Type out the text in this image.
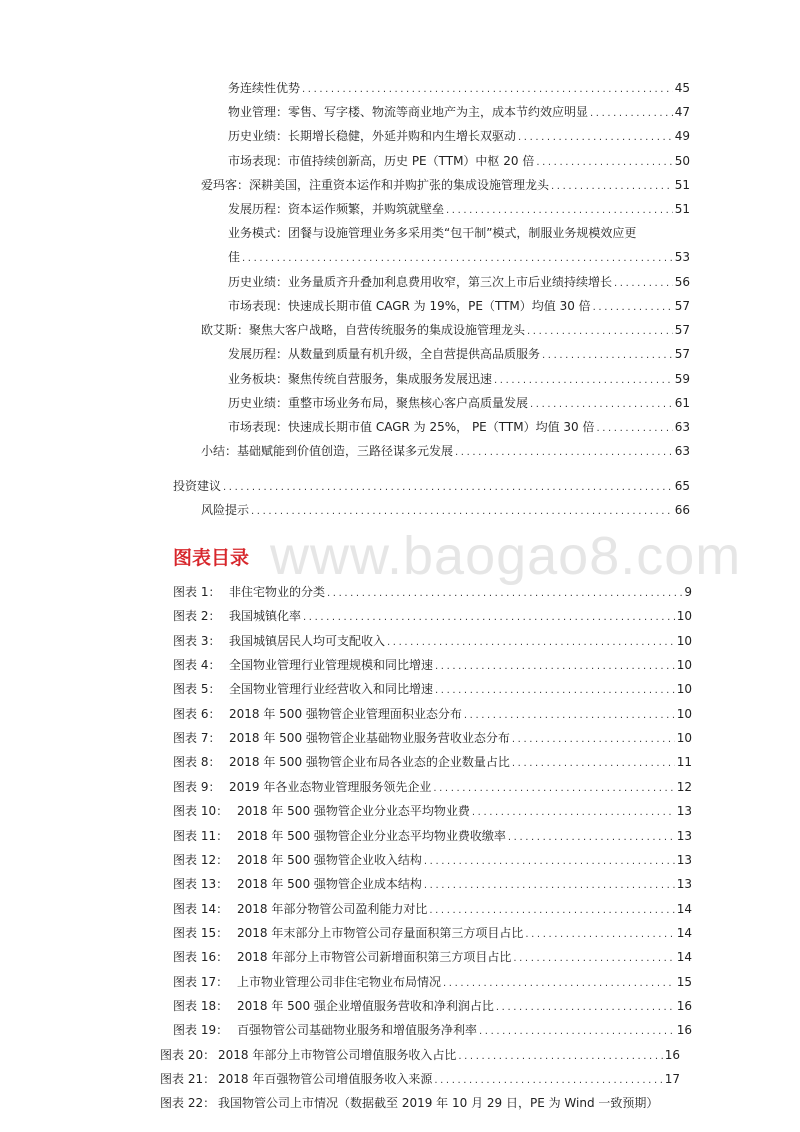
www.baogao8.com
务连续性优势 .....	45
物业管理：零售、写字楼、物流等商业地产为主，成本节约效应明显 .....	47
历史业绩：长期增长稳健，外延并购和内生增长双驱动 .....	49
市场表现：市值持续创新高，历史 PE（TTM）中枢 20 倍 .....	50
爱玛客：深耕美国，注重资本运作和并购扩张的集成设施管理龙头 .....	51
发展历程：资本运作频繁，并购筑就壁垒 .....	51
业务模式：团餐与设施管理业务多采用类“包干制”模式，制服业务规模效应更
佳 .....	53
历史业绩：业务量质齐升叠加利息费用收窄，第三次上市后业绩持续增长 .....	56
市场表现：快速成长期市值 CAGR 为 19%，PE（TTM）均值 30 倍 .....	57
欧艾斯：聚焦大客户战略，自营传统服务的集成设施管理龙头 .....	57
发展历程：从数量到质量有机升级，全自营提供高品质服务 .....	57
业务板块：聚焦传统自营服务，集成服务发展迅速 .....	59
历史业绩：重整市场业务布局，聚焦核心客户高质量发展 .....	61
市场表现：快速成长期市值 CAGR 为 25%， PE（TTM）均值 30 倍 .....	63
小结：基础赋能到价值创造，三路径谋多元发展 .....	63
投资建议 .....	65
风险提示 .....	66
图表目录
图表 1： 非住宅物业的分类 .....	9
图表 2： 我国城镇化率 .....	10
图表 3： 我国城镇居民人均可支配收入 .....	10
图表 4： 全国物业管理行业管理规模和同比增速 .....	10
图表 5： 全国物业管理行业经营收入和同比增速 .....	10
图表 6： 2018 年 500 强物管企业管理面积业态分布 .....	10
图表 7： 2018 年 500 强物管企业基础物业服务营收业态分布 .....	10
图表 8： 2018 年 500 强物管企业布局各业态的企业数量占比 .....	11
图表 9： 2019 年各业态物业管理服务领先企业 .....	12
图表 10： 2018 年 500 强物管企业分业态平均物业费 .....	13
图表 11： 2018 年 500 强物管企业分业态平均物业费收缴率 .....	13
图表 12： 2018 年 500 强物管企业收入结构 .....	13
图表 13： 2018 年 500 强物管企业成本结构 .....	13
图表 14： 2018 年部分物管公司盈利能力对比 .....	14
图表 15： 2018 年末部分上市物管公司存量面积第三方项目占比 .....	14
图表 16： 2018 年部分上市物管公司新增面积第三方项目占比 .....	14
图表 17： 上市物业管理公司非住宅物业布局情况 .....	15
图表 18： 2018 年 500 强企业增值服务营收和净利润占比 .....	16
图表 19： 百强物管公司基础物业服务和增值服务净利率 .....	16
图表 20： 2018 年部分上市物管公司增值服务收入占比 .....	16
图表 21： 2018 年百强物管公司增值服务收入来源 .....	17
图表 22： 我国物管公司上市情况（数据截至 2019 年 10 月 29 日，PE 为 Wind 一致预期）
